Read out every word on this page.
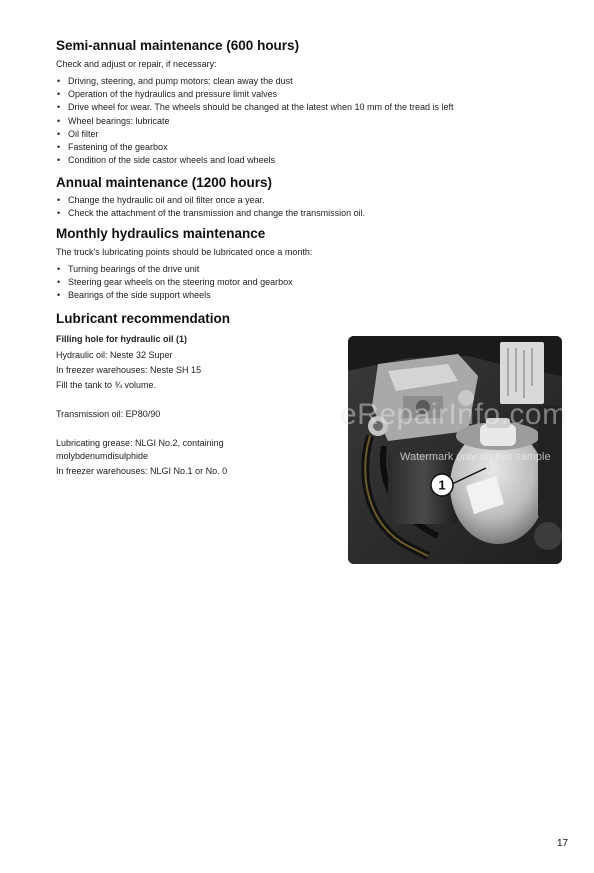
Semi-annual maintenance (600 hours)

Check and adjust or repair, if necessary:

• Driving, steering, and pump motors: clean away the dust
• Operation of the hydraulics and pressure limit valves
• Drive wheel for wear. The wheels should be changed at the latest when 10 mm of the tread is left
• Wheel bearings: lubricate
• Oil filter
• Fastening of the gearbox
• Condition of the side castor wheels and load wheels
Annual maintenance (1200 hours)
• Change the hydraulic oil and oil filter once a year.
• Check the attachment of the transmission and change the transmission oil.
Monthly hydraulics maintenance

The truck's lubricating points should be lubricated once a month:

• Turning bearings of the drive unit
• Steering gear wheels on the steering motor and gearbox
• Bearings of the side support wheels
Lubricant recommendation

Filling hole for hydraulic oil (1)

Hydraulic oil: Neste 32 Super

In freezer warehouses: Neste SH 15

Fill the tank to ¾ volume.

Transmission oil: EP80/90

Lubricating grease: NLGI No.2, containing

molybdenumdisulphide

In freezer warehouses: NLGI No.1 or No. 0

1
eRepairInfo.com
Watermark only on this sample
17
